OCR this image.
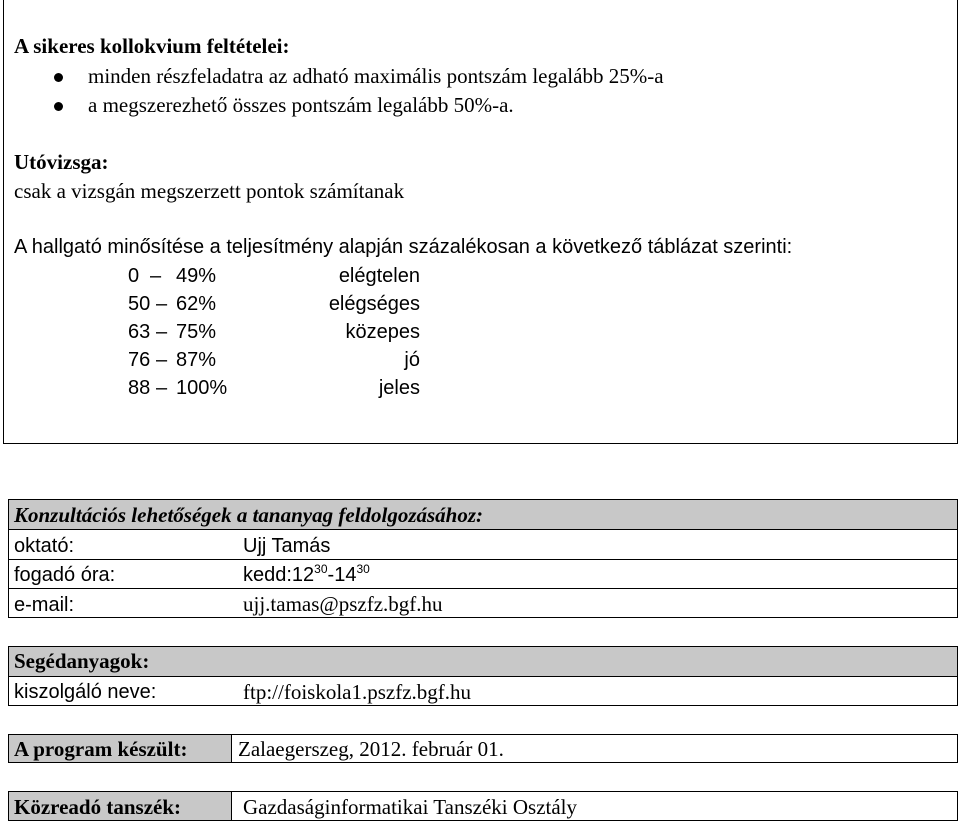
A sikeres kollokvium feltételei:
minden részfeladatra az adható maximális pontszám legalább 25%-a
a megszerezhető összes pontszám legalább 50%-a.
Utóvizsga:
csak a vizsgán megszerzett pontok számítanak
A hallgató minősítése a teljesítmény alapján százalékosan a következő táblázat szerinti:
0 – 49%	elégtelen
50 – 62%	elégséges
63 – 75%	közepes
76 – 87%	jó
88 – 100%	jeles
Konzultációs lehetőségek a tananyag feldolgozásához:
oktató:	Ujj Tamás
fogadó óra:	$kedd:12^{30}-14^{30}$
e-mail:	ujj.tamas@pszfz.bgf.hu
Segédanyagok:
kiszolgáló neve:	ftp://foiskola1.pszfz.bgf.hu
A program készült: Zalaegerszeg, 2012. február 01.
Közreadó tanszék:	Gazdaságinformatikai Tanszéki Osztály
